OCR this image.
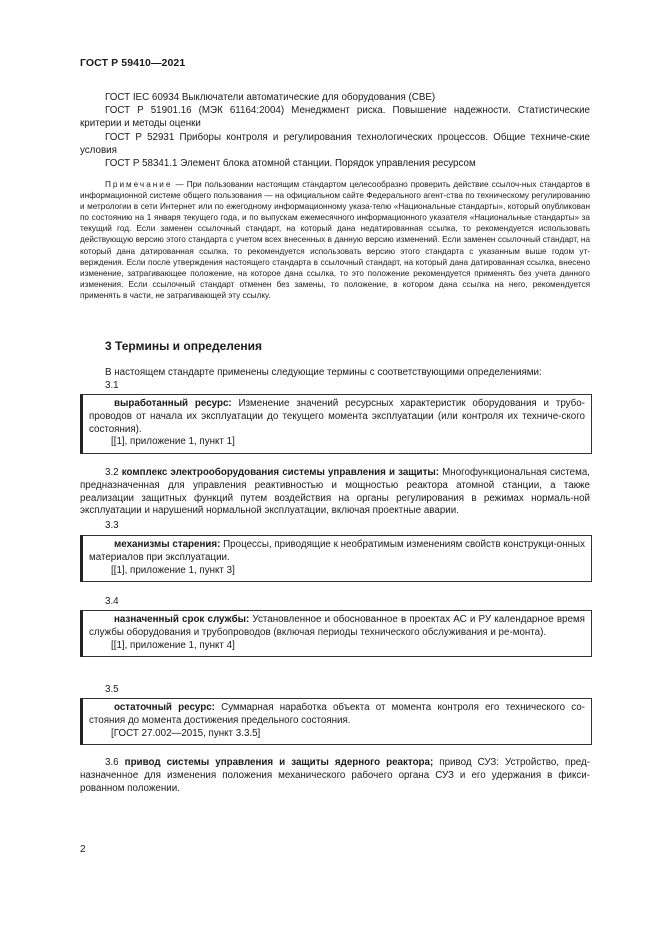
ГОСТ Р 59410—2021

ГОСТ IEC 60934 Выключатели автоматические для оборудования (CBE)

ГОСТ Р 51901.16 (МЭК 61164:2004) Менеджмент риска. Повышение надежности. Статистические критерии и методы оценки

ГОСТ Р 52931 Приборы контроля и регулирования технологических процессов. Общие техниче-ские условия

ГОСТ Р 58341.1 Элемент блока атомной станции. Порядок управления ресурсом

Примечание — При пользовании настоящим стандартом целесообразно проверить действие ссылоч-ных стандартов в информационной системе общего пользования — на официальном сайте Федерального агент-ства по техническому регулированию и метрологии в сети Интернет или по ежегодному информационному указа-телю «Национальные стандарты», который опубликован по состоянию на 1 января текущего года, и по выпускам ежемесячного информационного указателя «Национальные стандарты» за текущий год. Если заменен ссылочный стандарт, на который дана недатированная ссылка, то рекомендуется использовать действующую версию этого стандарта с учетом всех внесенных в данную версию изменений. Если заменен ссылочный стандарт, на который дана датированная ссылка, то рекомендуется использовать версию этого стандарта с указанным выше годом ут-верждения. Если после утверждения настоящего стандарта в ссылочный стандарт, на который дана датированная ссылка, внесено изменение, затрагивающее положение, на которое дана ссылка, то это положение рекомендуется применять без учета данного изменения. Если ссылочный стандарт отменен без замены, то положение, в котором дана ссылка на него, рекомендуется применять в части, не затрагивающей эту ссылку.

3 Термины и определения

В настоящем стандарте применены следующие термины с соответствующими определениями:

3.1

выработанный ресурс: Изменение значений ресурсных характеристик оборудования и трубо-проводов от начала их эксплуатации до текущего момента эксплуатации (или контроля их техниче-ского состояния).

[[1], приложение 1, пункт 1]

3.2 комплекс электрооборудования системы управления и защиты: Многофункциональная система, предназначенная для управления реактивностью и мощностью реактора атомной станции, а также реализации защитных функций путем воздействия на органы регулирования в режимах нормаль-ной эксплуатации и нарушений нормальной эксплуатации, включая проектные аварии.

3.3

механизмы старения: Процессы, приводящие к необратимым изменениям свойств конструкци-онных материалов при эксплуатации.

[[1], приложение 1, пункт 3]

3.4

назначенный срок службы: Установленное и обоснованное в проектах АС и РУ календарное время службы оборудования и трубопроводов (включая периоды технического обслуживания и ре-монта).

[[1], приложение 1, пункт 4]

3.5

остаточный ресурс: Суммарная наработка объекта от момента контроля его технического со-стояния до момента достижения предельного состояния.

[ГОСТ 27.002—2015, пункт 3.3.5]

3.6 привод системы управления и защиты ядерного реактора; привод СУЗ: Устройство, пред-назначенное для изменения положения механического рабочего органа СУЗ и его удержания в фикси-рованном положении.

2
